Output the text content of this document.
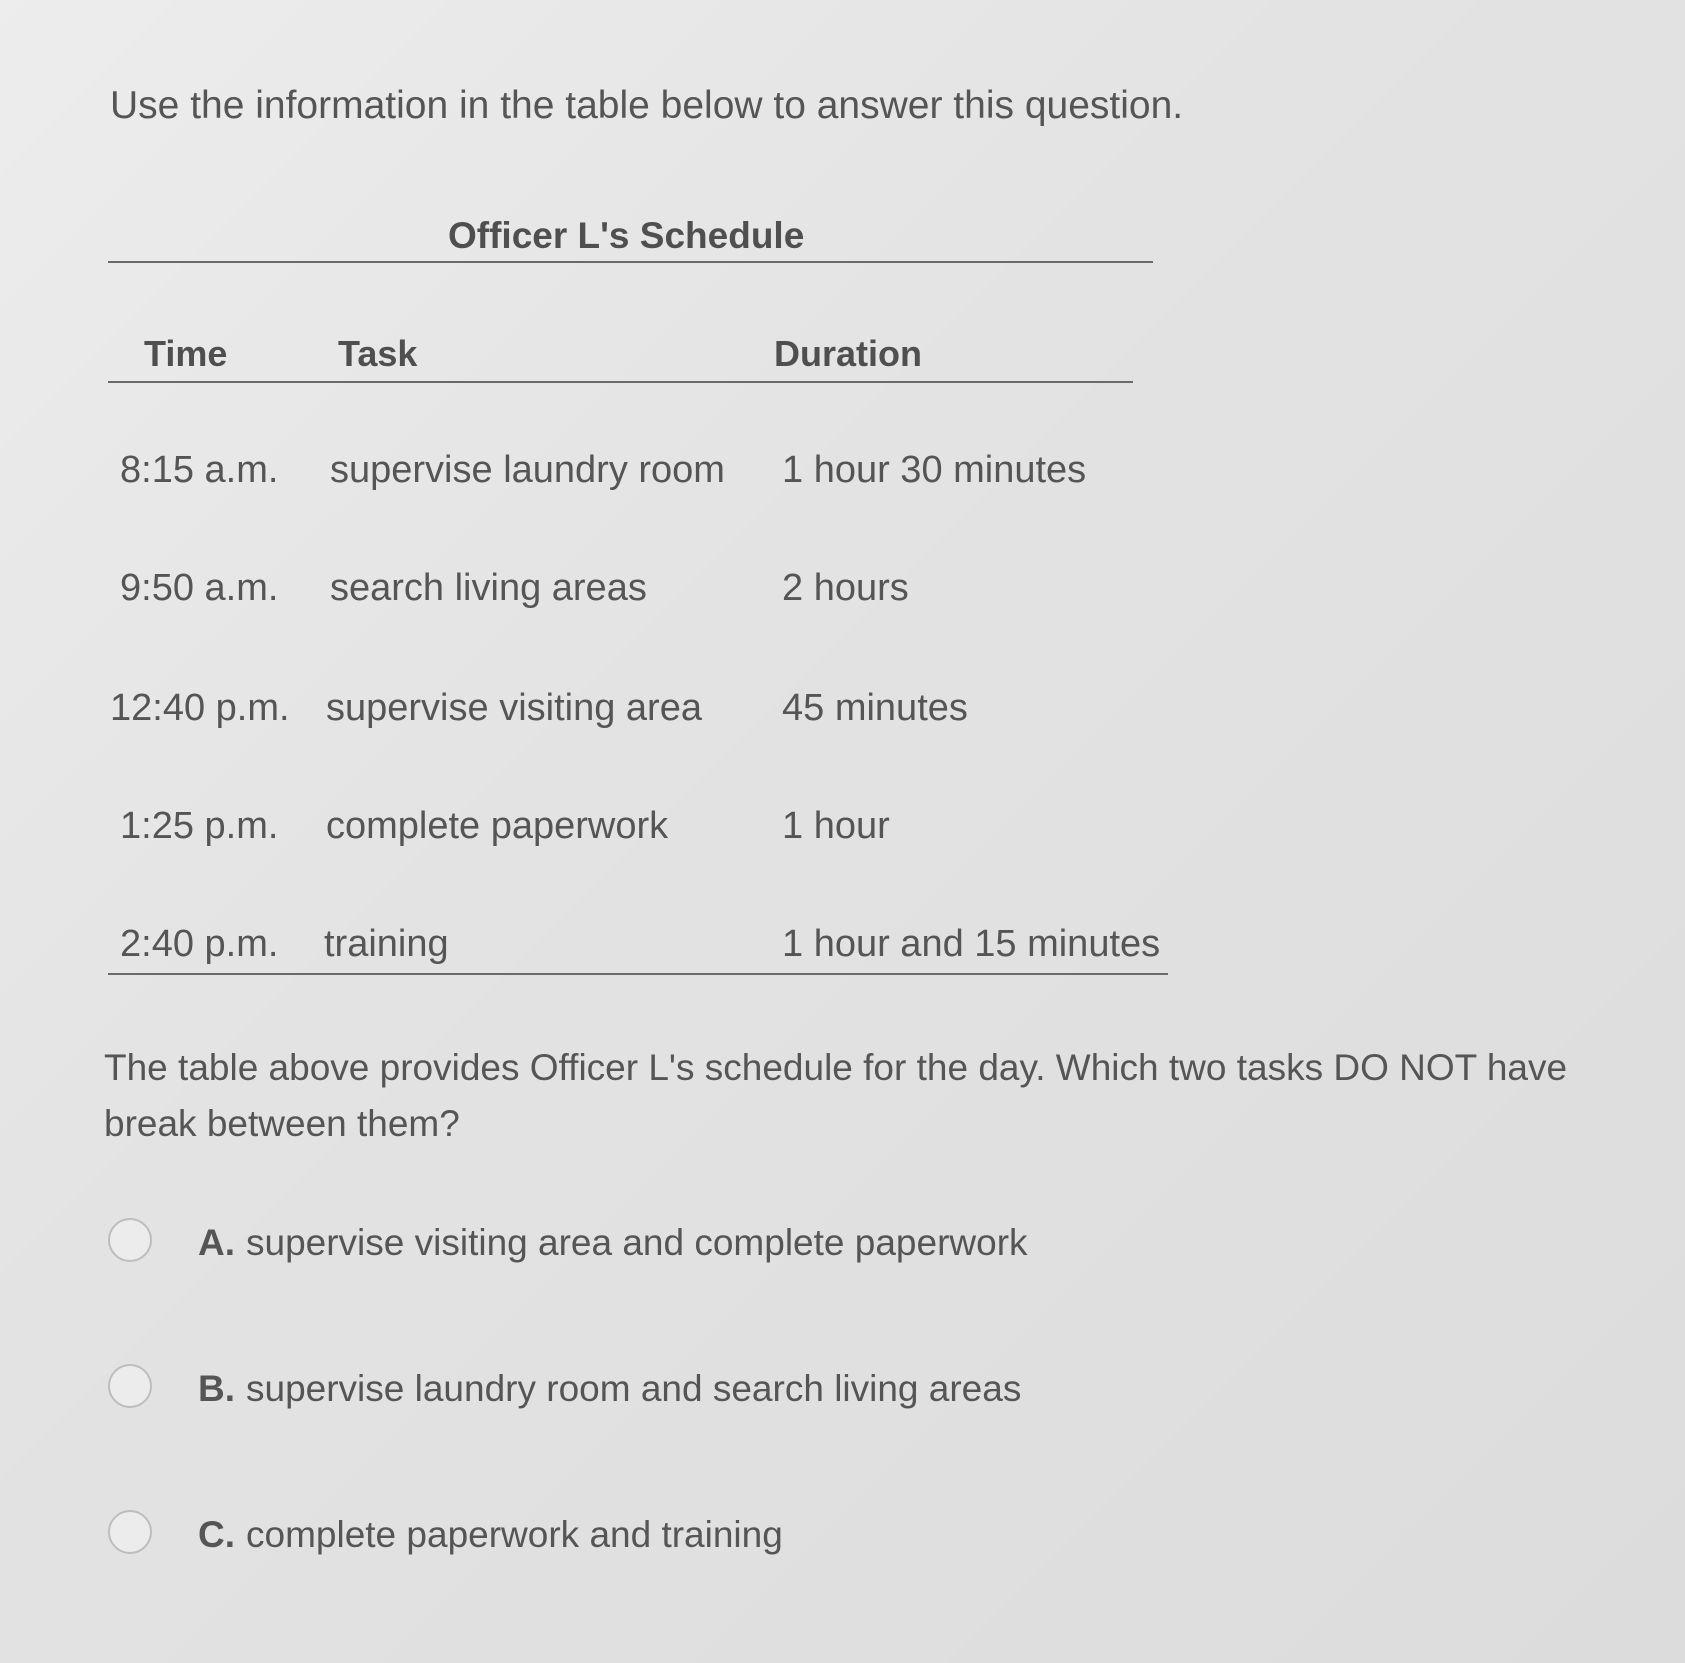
Use the information in the table below to answer this question.
Officer L's Schedule
Time	Task	Duration
8:15 a.m. supervise laundry room 1 hour 30 minutes
9:50 a.m. search living areas	2 hours
12:40 p.m. supervise visiting area 45 minutes
1:25 p.m. complete paperwork	1 hour
2:40 p.m. training	1 hour and 15 minutes
The table above provides Officer L's schedule for the day. Which two tasks DO NOT have
break between them?
A. supervise visiting area and complete paperwork
B. supervise laundry room and search living areas
C. complete paperwork and training
